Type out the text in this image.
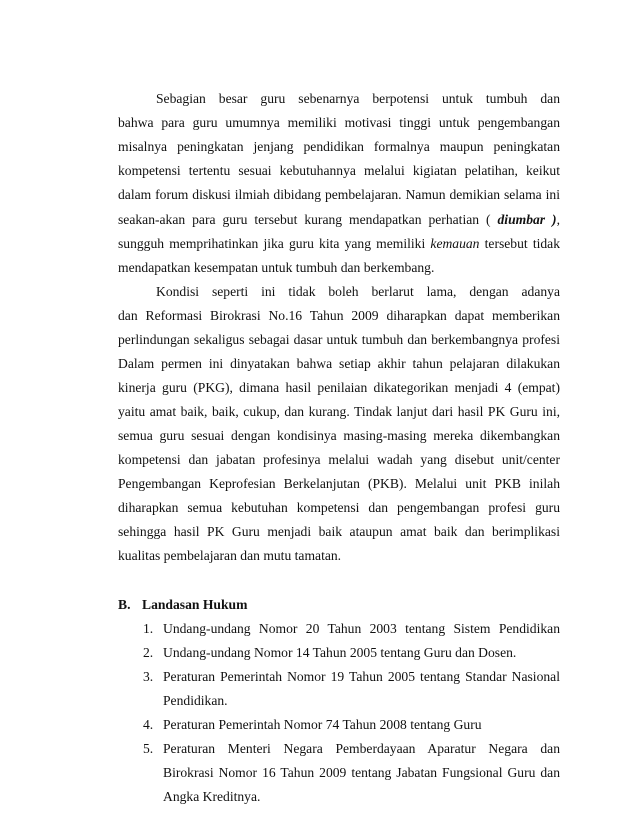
Sebagian besar guru sebenarnya berpotensi untuk tumbuh dan
bahwa para guru umumnya memiliki motivasi tinggi untuk pengembangan
misalnya peningkatan jenjang pendidikan formalnya maupun peningkatan
kompetensi tertentu sesuai kebutuhannya melalui kigiatan pelatihan, keikut
dalam forum diskusi ilmiah dibidang pembelajaran. Namun demikian selama ini
seakan-akan para guru tersebut kurang mendapatkan perhatian ( diumbar ),
sungguh memprihatinkan jika guru kita yang memiliki kemauan tersebut tidak
mendapatkan kesempatan untuk tumbuh dan berkembang.
Kondisi seperti ini tidak boleh berlarut lama, dengan adanya
dan Reformasi Birokrasi No.16 Tahun 2009 diharapkan dapat memberikan
perlindungan sekaligus sebagai dasar untuk tumbuh dan berkembangnya profesi
Dalam permen ini dinyatakan bahwa setiap akhir tahun pelajaran dilakukan
kinerja guru (PKG), dimana hasil penilaian dikategorikan menjadi 4 (empat)
yaitu amat baik, baik, cukup, dan kurang. Tindak lanjut dari hasil PK Guru ini,
semua guru sesuai dengan kondisinya masing-masing mereka dikembangkan
kompetensi dan jabatan profesinya melalui wadah yang disebut unit/center
Pengembangan Keprofesian Berkelanjutan (PKB). Melalui unit PKB inilah
diharapkan semua kebutuhan kompetensi dan pengembangan profesi guru
sehingga hasil PK Guru menjadi baik ataupun amat baik dan berimplikasi
kualitas pembelajaran dan mutu tamatan.
B. Landasan Hukum
1. Undang-undang Nomor 20 Tahun 2003 tentang Sistem Pendidikan
2. Undang-undang Nomor 14 Tahun 2005 tentang Guru dan Dosen.
3. Peraturan Pemerintah Nomor 19 Tahun 2005 tentang Standar Nasional
Pendidikan.
4. Peraturan Pemerintah Nomor 74 Tahun 2008 tentang Guru
5. Peraturan Menteri Negara Pemberdayaan Aparatur Negara dan
Birokrasi Nomor 16 Tahun 2009 tentang Jabatan Fungsional Guru dan
Angka Kreditnya.
